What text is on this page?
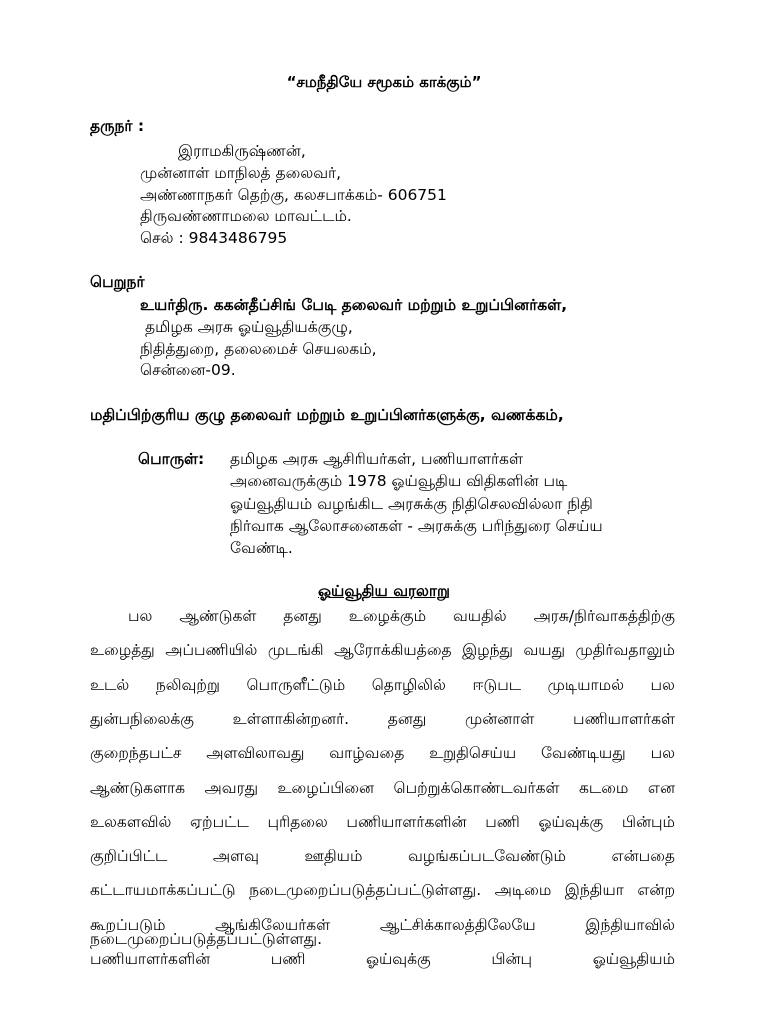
“சமநீதியே சமூகம் காக்கும்”
தருநர் :
இராமகிருஷ்ணன்,
முன்னாள் மாநிலத் தலைவர்,
அண்ணாநகர் தெற்கு, கலசபாக்கம்- 606751
திருவண்ணாமலை மாவட்டம்.
செல் : 9843486795
பெறுநர்
உயர்திரு. ககன்தீப்சிங் பேடி தலைவர் மற்றும் உறுப்பினர்கள்,
தமிழக அரசு ஓய்வூதியக்குழு,
நிதித்துறை, தலைமைச் செயலகம்,
சென்னை-09.
மதிப்பிற்குரிய குழு தலைவர் மற்றும் உறுப்பினர்களுக்கு, வணக்கம்,
பொருள்: தமிழக அரசு ஆசிரியர்கள், பணியாளர்கள்
அனைவருக்கும் 1978 ஓய்வூதிய விதிகளின் படி
ஓய்வூதியம் வழங்கிட அரசுக்கு நிதிசெலவில்லா நிதி
நிர்வாக ஆலோசனைகள் - அரசுக்கு பரிந்துரை செய்ய
வேண்டி.
ஓய்வூதிய வரலாறு
பல ஆண்டுகள் தனது உழைக்கும் வயதில் அரசு/நிர்வாகத்திற்கு
உழைத்து அப்பணியில் முடங்கி ஆரோக்கியத்தை இழந்து வயது முதிர்வதாலும்
உடல் நலிவுற்று பொருளீட்டும் தொழிலில் ஈடுபட முடியாமல் பல
துன்பநிலைக்கு உள்ளாகின்றனர். தனது முன்னாள் பணியாளர்கள்
குறைந்தபட்ச அளவிலாவது வாழ்வதை உறுதிசெய்ய வேண்டியது பல
ஆண்டுகளாக அவரது உழைப்பினை பெற்றுக்கொண்டவர்கள் கடமை என
உலகளவில் ஏற்பட்ட புரிதலை பணியாளர்களின் பணி ஓய்வுக்கு பின்பும்
குறிப்பிட்ட	அளவு	ஊதியம்	வழங்கப்படவேண்டும்	என்பதை
கட்டாயமாக்கப்பட்டு நடைமுறைப்படுத்தப்பட்டுள்ளது. அடிமை இந்தியா என்ற
கூறப்படும்	ஆங்கிலேயர்கள்	ஆட்சிக்காலத்திலேயே	இந்தியாவில்
பணியாளர்களின்	பணி	ஓய்வுக்கு	பின்பு	ஓய்வூதியம்
நடைமுறைப்படுத்தப்பட்டுள்ளது.
